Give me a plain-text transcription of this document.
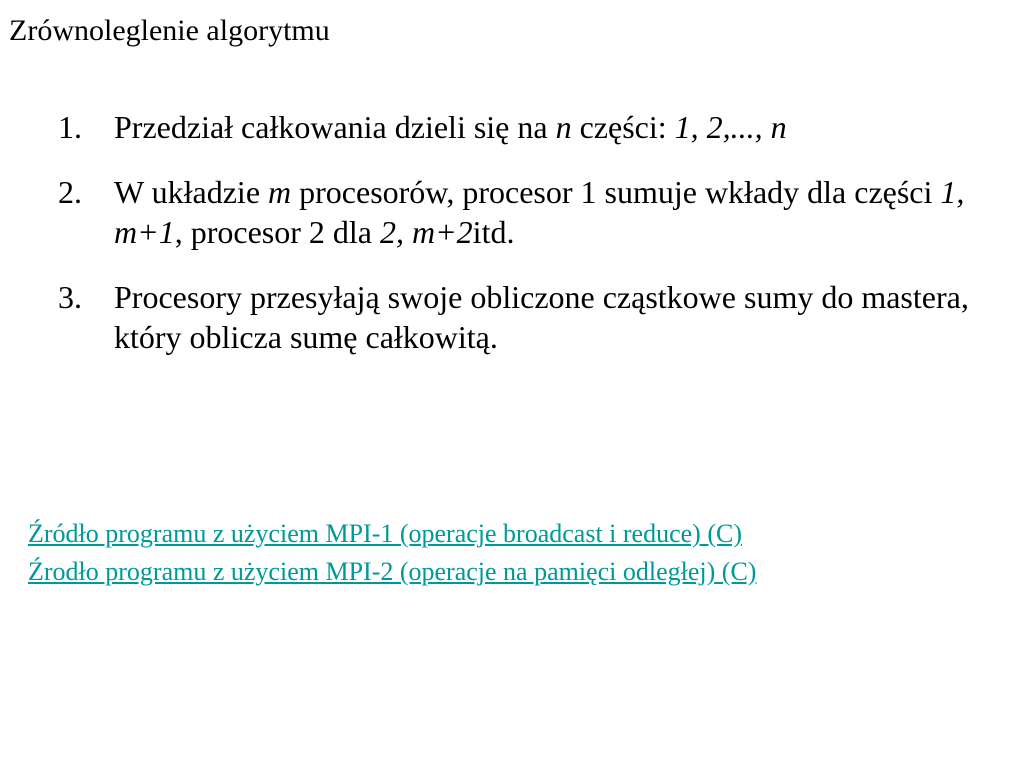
Zrównoleglenie algorytmu
1.	Przedział całkowania dzieli się na n części: 1, 2,..., n
2.	W układzie m procesorów, procesor 1 sumuje wkłady dla części 1, m+1, procesor 2 dla 2, m+2itd.
3.	Procesory przesyłają swoje obliczone cząstkowe sumy do mastera, który oblicza sumę całkowitą.
Źródło programu z użyciem MPI-1 (operacje broadcast i reduce) (C)
Źrodło programu z użyciem MPI-2 (operacje na pamięci odległej) (C)
